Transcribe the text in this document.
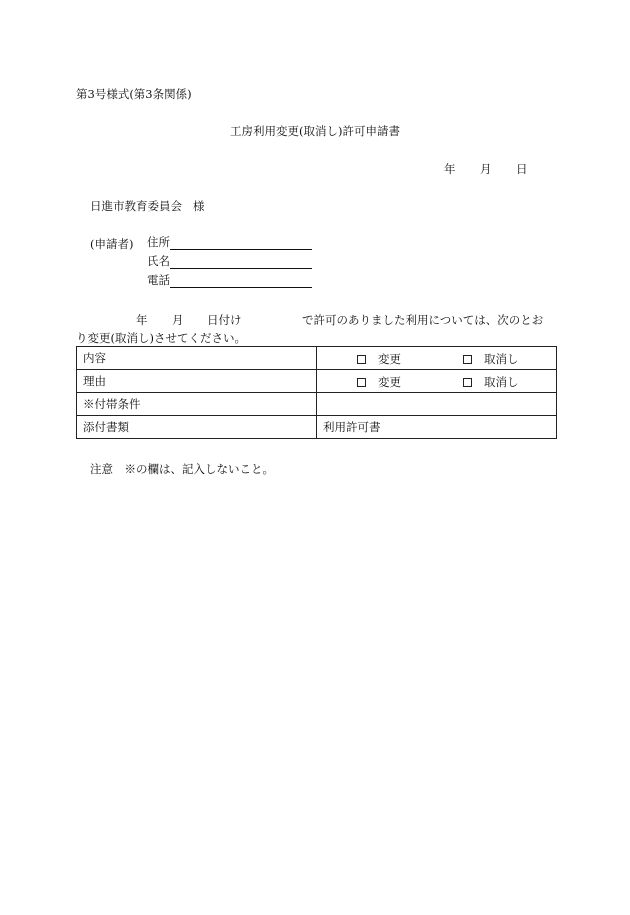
第3号様式(第3条関係)
工房利用変更(取消し)許可申請書
年 月 日
日進市教育委員会 様
(申請者) 住所
氏名
電話
年 月 日付け	で許可のありました利用については、次のとお
り変更(取消し)させてください。
内容	変更 取消し

理由	変更 取消し

※付帯条件	
添付書類	利用許可書
注意　※の欄は、記入しないこと。
